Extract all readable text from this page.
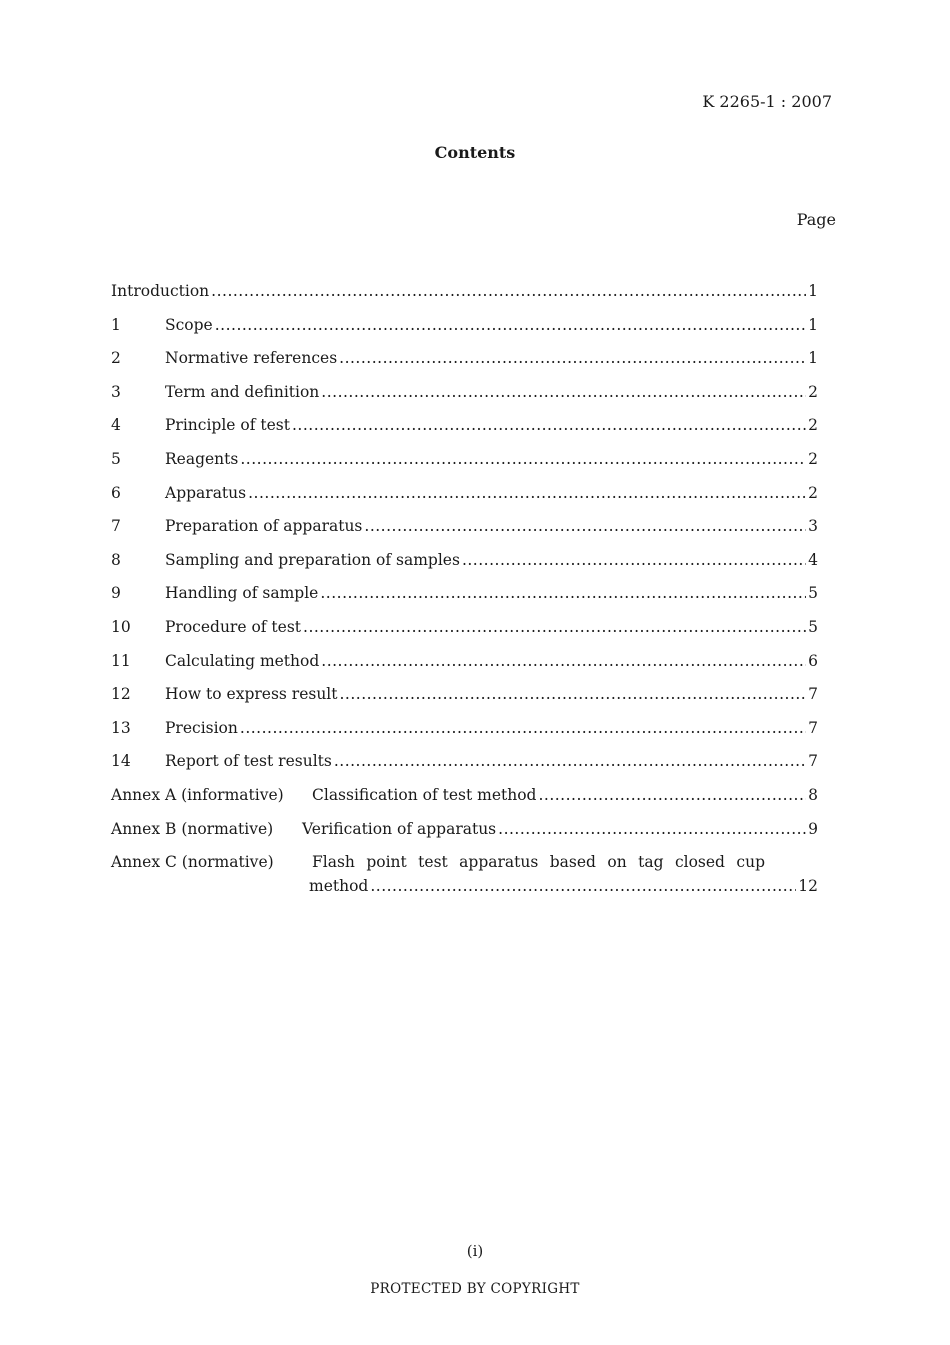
K 2265-1 : 2007
Contents
Page
Introduction .....	1
1	Scope .....	1
2	Normative references .....	1
3	Term and definition .....	2
4	Principle of test .....	2
5	Reagents .....	2
6	Apparatus .....	2
7	Preparation of apparatus .....	3
8	Sampling and preparation of samples .....	4
9	Handling of sample .....	5
10	Procedure of test .....	5
11	Calculating method .....	6
12	How to express result .....	7
13	Precision .....	7
14	Report of test results .....	7
Annex A (informative)	Classification of test method .....	8
Annex B (normative)	Verification of apparatus .....	9
Annex C (normative)	Flash point test apparatus based on tag closed cup
method .....	12
(i)
PROTECTED BY COPYRIGHT
